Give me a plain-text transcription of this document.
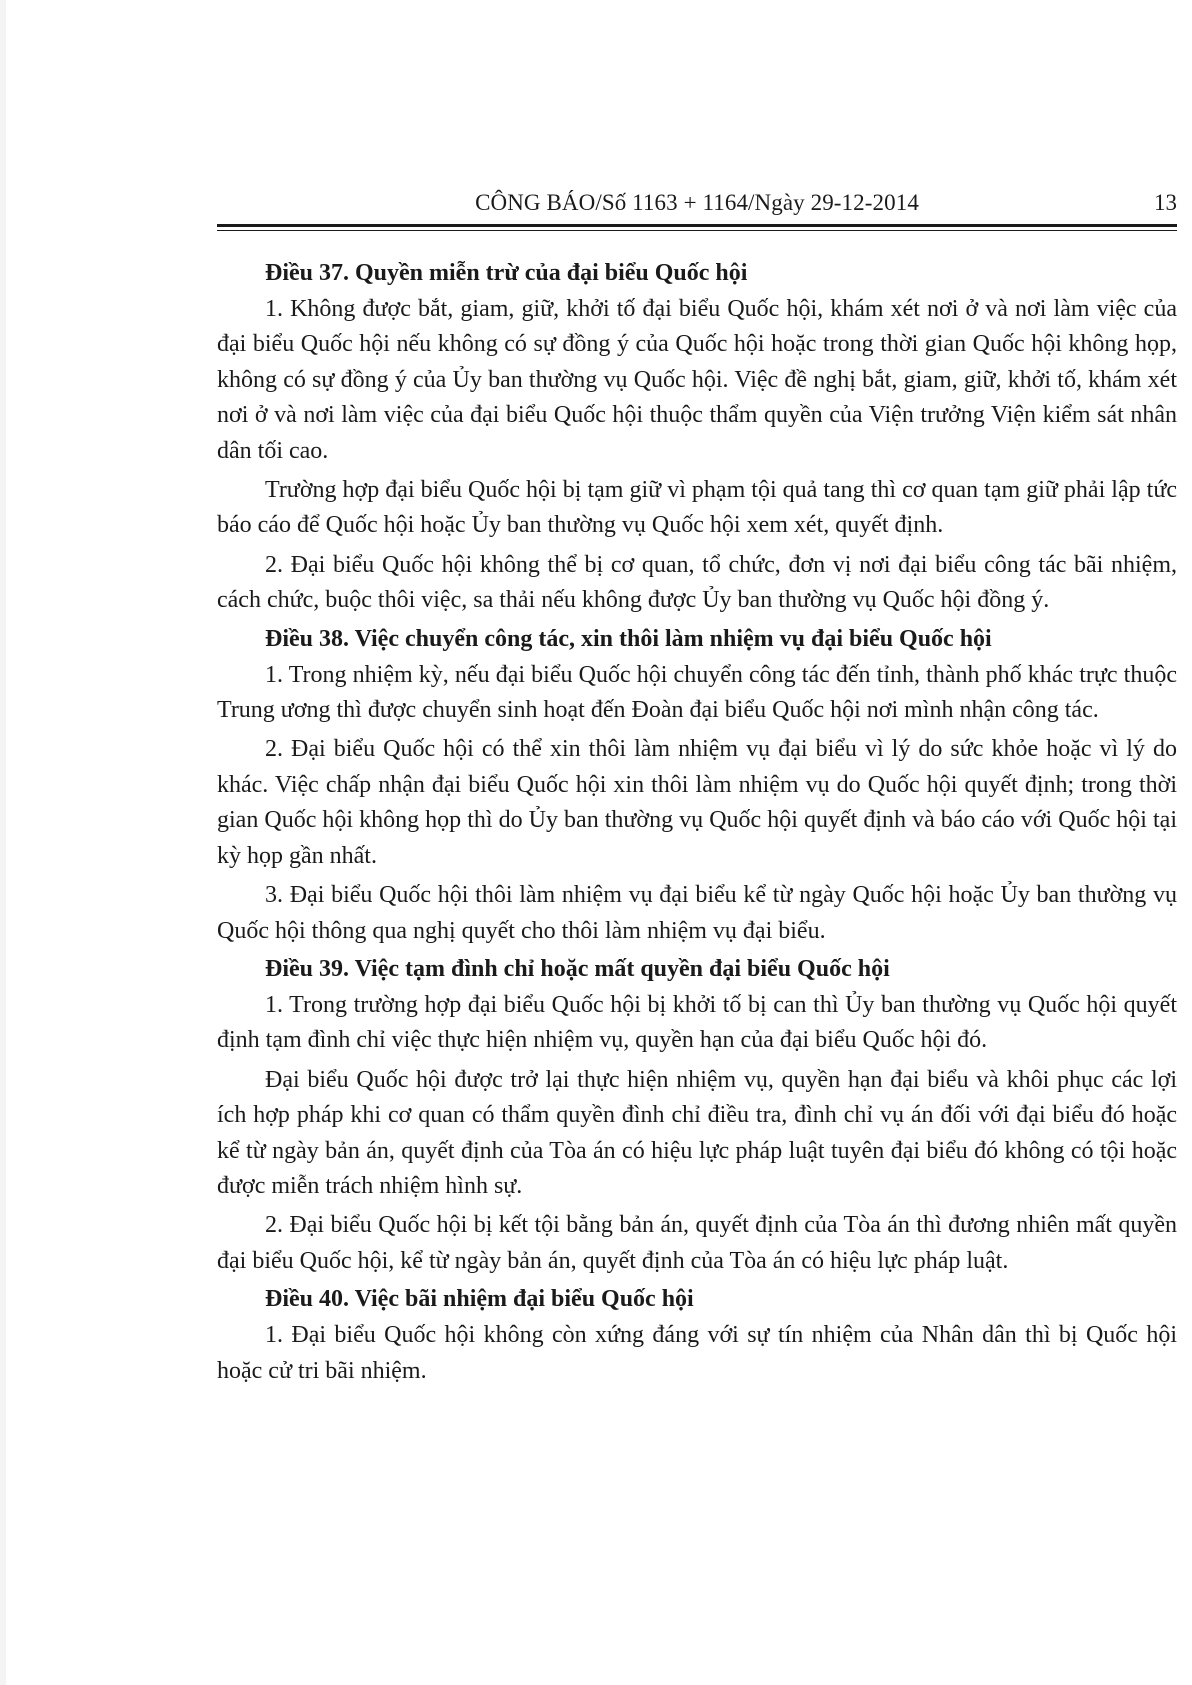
CÔNG BÁO/Số 1163 + 1164/Ngày 29-12-2014	13

Điều 37. Quyền miễn trừ của đại biểu Quốc hội

1. Không được bắt, giam, giữ, khởi tố đại biểu Quốc hội, khám xét nơi ở và nơi làm việc của đại biểu Quốc hội nếu không có sự đồng ý của Quốc hội hoặc trong thời gian Quốc hội không họp, không có sự đồng ý của Ủy ban thường vụ Quốc hội. Việc đề nghị bắt, giam, giữ, khởi tố, khám xét nơi ở và nơi làm việc của đại biểu Quốc hội thuộc thẩm quyền của Viện trưởng Viện kiểm sát nhân dân tối cao.

Trường hợp đại biểu Quốc hội bị tạm giữ vì phạm tội quả tang thì cơ quan tạm giữ phải lập tức báo cáo để Quốc hội hoặc Ủy ban thường vụ Quốc hội xem xét, quyết định.

2. Đại biểu Quốc hội không thể bị cơ quan, tổ chức, đơn vị nơi đại biểu công tác bãi nhiệm, cách chức, buộc thôi việc, sa thải nếu không được Ủy ban thường vụ Quốc hội đồng ý.

Điều 38. Việc chuyển công tác, xin thôi làm nhiệm vụ đại biểu Quốc hội

1. Trong nhiệm kỳ, nếu đại biểu Quốc hội chuyển công tác đến tỉnh, thành phố khác trực thuộc Trung ương thì được chuyển sinh hoạt đến Đoàn đại biểu Quốc hội nơi mình nhận công tác.

2. Đại biểu Quốc hội có thể xin thôi làm nhiệm vụ đại biểu vì lý do sức khỏe hoặc vì lý do khác. Việc chấp nhận đại biểu Quốc hội xin thôi làm nhiệm vụ do Quốc hội quyết định; trong thời gian Quốc hội không họp thì do Ủy ban thường vụ Quốc hội quyết định và báo cáo với Quốc hội tại kỳ họp gần nhất.

3. Đại biểu Quốc hội thôi làm nhiệm vụ đại biểu kể từ ngày Quốc hội hoặc Ủy ban thường vụ Quốc hội thông qua nghị quyết cho thôi làm nhiệm vụ đại biểu.

Điều 39. Việc tạm đình chỉ hoặc mất quyền đại biểu Quốc hội

1. Trong trường hợp đại biểu Quốc hội bị khởi tố bị can thì Ủy ban thường vụ Quốc hội quyết định tạm đình chỉ việc thực hiện nhiệm vụ, quyền hạn của đại biểu Quốc hội đó.

Đại biểu Quốc hội được trở lại thực hiện nhiệm vụ, quyền hạn đại biểu và khôi phục các lợi ích hợp pháp khi cơ quan có thẩm quyền đình chỉ điều tra, đình chỉ vụ án đối với đại biểu đó hoặc kể từ ngày bản án, quyết định của Tòa án có hiệu lực pháp luật tuyên đại biểu đó không có tội hoặc được miễn trách nhiệm hình sự.

2. Đại biểu Quốc hội bị kết tội bằng bản án, quyết định của Tòa án thì đương nhiên mất quyền đại biểu Quốc hội, kể từ ngày bản án, quyết định của Tòa án có hiệu lực pháp luật.

Điều 40. Việc bãi nhiệm đại biểu Quốc hội

1. Đại biểu Quốc hội không còn xứng đáng với sự tín nhiệm của Nhân dân thì bị Quốc hội hoặc cử tri bãi nhiệm.
